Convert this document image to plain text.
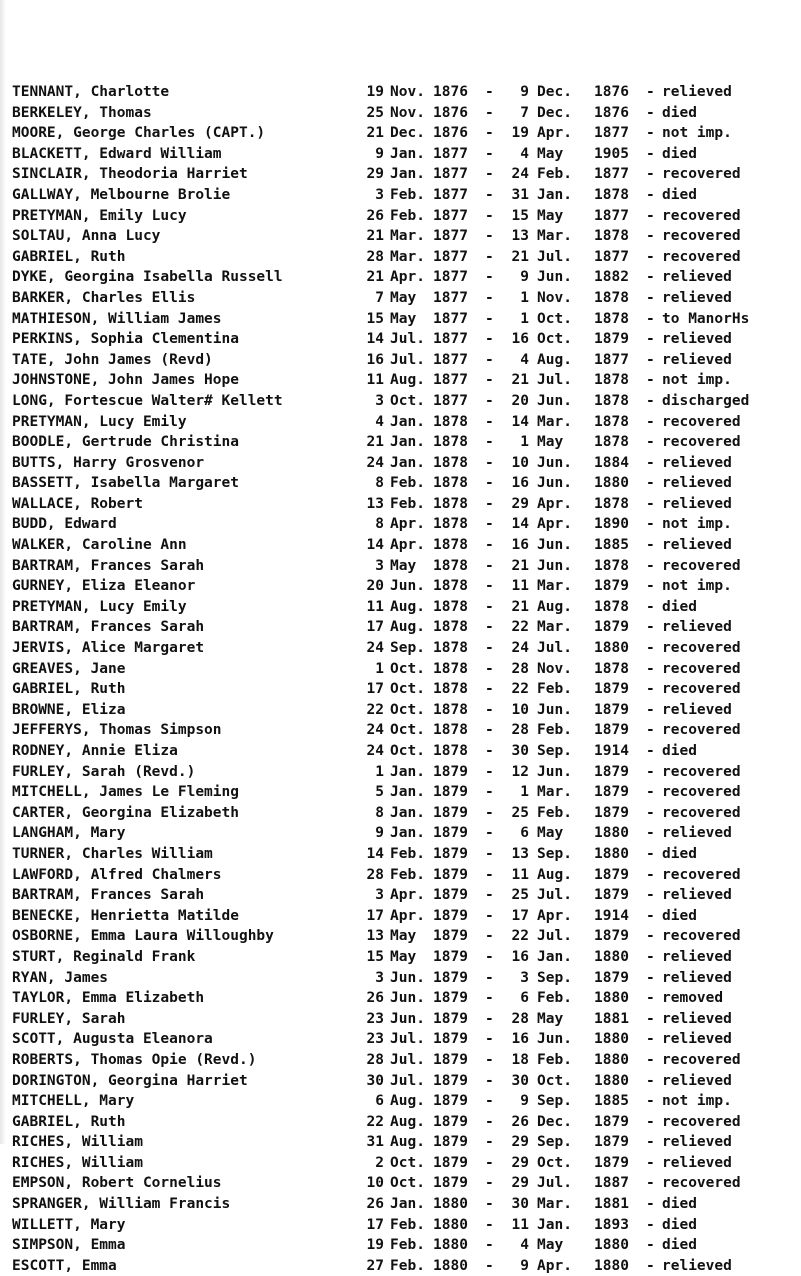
TENNANT, Charlotte	19 Nov. 1876 -	9 Dec. 1876 - relieved
BERKELEY, Thomas	25 Nov. 1876 -	7 Dec. 1876 - died
MOORE, George Charles (CAPT.)	21 Dec. 1876 -	19 Apr. 1877 - not imp.
BLACKETT, Edward William	9 Jan. 1877 -	4 May 1905 - died
SINCLAIR, Theodoria Harriet	29 Jan. 1877 -	24 Feb. 1877 - recovered
GALLWAY, Melbourne Brolie	3 Feb. 1877 -	31 Jan. 1878 - died
PRETYMAN, Emily Lucy	26 Feb. 1877 -	15 May 1877 - recovered
SOLTAU, Anna Lucy	21 Mar. 1877 -	13 Mar. 1878 - recovered
GABRIEL, Ruth	28 Mar. 1877 -	21 Jul. 1877 - recovered
DYKE, Georgina Isabella Russell	21 Apr. 1877 -	9 Jun. 1882 - relieved
BARKER, Charles Ellis	7 May 1877 -	1 Nov. 1878 - relieved
MATHIESON, William James	15 May 1877 -	1 Oct. 1878 - to ManorHs
PERKINS, Sophia Clementina	14 Jul. 1877 -	16 Oct. 1879 - relieved
TATE, John James (Revd)	16 Jul. 1877 -	4 Aug. 1877 - relieved
JOHNSTONE, John James Hope	11 Aug. 1877 -	21 Jul. 1878 - not imp.
LONG, Fortescue Walter# Kellett	3 Oct. 1877 -	20 Jun. 1878 - discharged
PRETYMAN, Lucy Emily	4 Jan. 1878 -	14 Mar. 1878 - recovered
BOODLE, Gertrude Christina	21 Jan. 1878 -	1 May 1878 - recovered
BUTTS, Harry Grosvenor	24 Jan. 1878 -	10 Jun. 1884 - relieved
BASSETT, Isabella Margaret	8 Feb. 1878 -	16 Jun. 1880 - relieved
WALLACE, Robert	13 Feb. 1878 -	29 Apr. 1878 - relieved
BUDD, Edward	8 Apr. 1878 -	14 Apr. 1890 - not imp.
WALKER, Caroline Ann	14 Apr. 1878 -	16 Jun. 1885 - relieved
BARTRAM, Frances Sarah	3 May 1878 -	21 Jun. 1878 - recovered
GURNEY, Eliza Eleanor	20 Jun. 1878 -	11 Mar. 1879 - not imp.
PRETYMAN, Lucy Emily	11 Aug. 1878 -	21 Aug. 1878 - died
BARTRAM, Frances Sarah	17 Aug. 1878 -	22 Mar. 1879 - relieved
JERVIS, Alice Margaret	24 Sep. 1878 -	24 Jul. 1880 - recovered
GREAVES, Jane	1 Oct. 1878 -	28 Nov. 1878 - recovered
GABRIEL, Ruth	17 Oct. 1878 -	22 Feb. 1879 - recovered
BROWNE, Eliza	22 Oct. 1878 -	10 Jun. 1879 - relieved
JEFFERYS, Thomas Simpson	24 Oct. 1878 -	28 Feb. 1879 - recovered
RODNEY, Annie Eliza	24 Oct. 1878 -	30 Sep. 1914 - died
FURLEY, Sarah (Revd.)	1 Jan. 1879 -	12 Jun. 1879 - recovered
MITCHELL, James Le Fleming	5 Jan. 1879 -	1 Mar. 1879 - recovered
CARTER, Georgina Elizabeth	8 Jan. 1879 -	25 Feb. 1879 - recovered
LANGHAM, Mary	9 Jan. 1879 -	6 May 1880 - relieved
TURNER, Charles William	14 Feb. 1879 -	13 Sep. 1880 - died
LAWFORD, Alfred Chalmers	28 Feb. 1879 -	11 Aug. 1879 - recovered
BARTRAM, Frances Sarah	3 Apr. 1879 -	25 Jul. 1879 - relieved
BENECKE, Henrietta Matilde	17 Apr. 1879 -	17 Apr. 1914 - died
OSBORNE, Emma Laura Willoughby	13 May 1879 -	22 Jul. 1879 - recovered
STURT, Reginald Frank	15 May 1879 -	16 Jan. 1880 - relieved
RYAN, James	3 Jun. 1879 -	3 Sep. 1879 - relieved
TAYLOR, Emma Elizabeth	26 Jun. 1879 -	6 Feb. 1880 - removed
FURLEY, Sarah	23 Jun. 1879 -	28 May 1881 - relieved
SCOTT, Augusta Eleanora	23 Jul. 1879 -	16 Jun. 1880 - relieved
ROBERTS, Thomas Opie (Revd.)	28 Jul. 1879 -	18 Feb. 1880 - recovered
DORINGTON, Georgina Harriet	30 Jul. 1879 -	30 Oct. 1880 - relieved
MITCHELL, Mary	6 Aug. 1879 -	9 Sep. 1885 - not imp.
GABRIEL, Ruth	22 Aug. 1879 -	26 Dec. 1879 - recovered
RICHES, William	31 Aug. 1879 -	29 Sep. 1879 - relieved
RICHES, William	2 Oct. 1879 -	29 Oct. 1879 - relieved
EMPSON, Robert Cornelius	10 Oct. 1879 -	29 Jul. 1887 - recovered
SPRANGER, William Francis	26 Jan. 1880 -	30 Mar. 1881 - died
WILLETT, Mary	17 Feb. 1880 -	11 Jan. 1893 - died
SIMPSON, Emma	19 Feb. 1880 -	4 May 1880 - died
ESCOTT, Emma	27 Feb. 1880 -	9 Apr. 1880 - relieved
